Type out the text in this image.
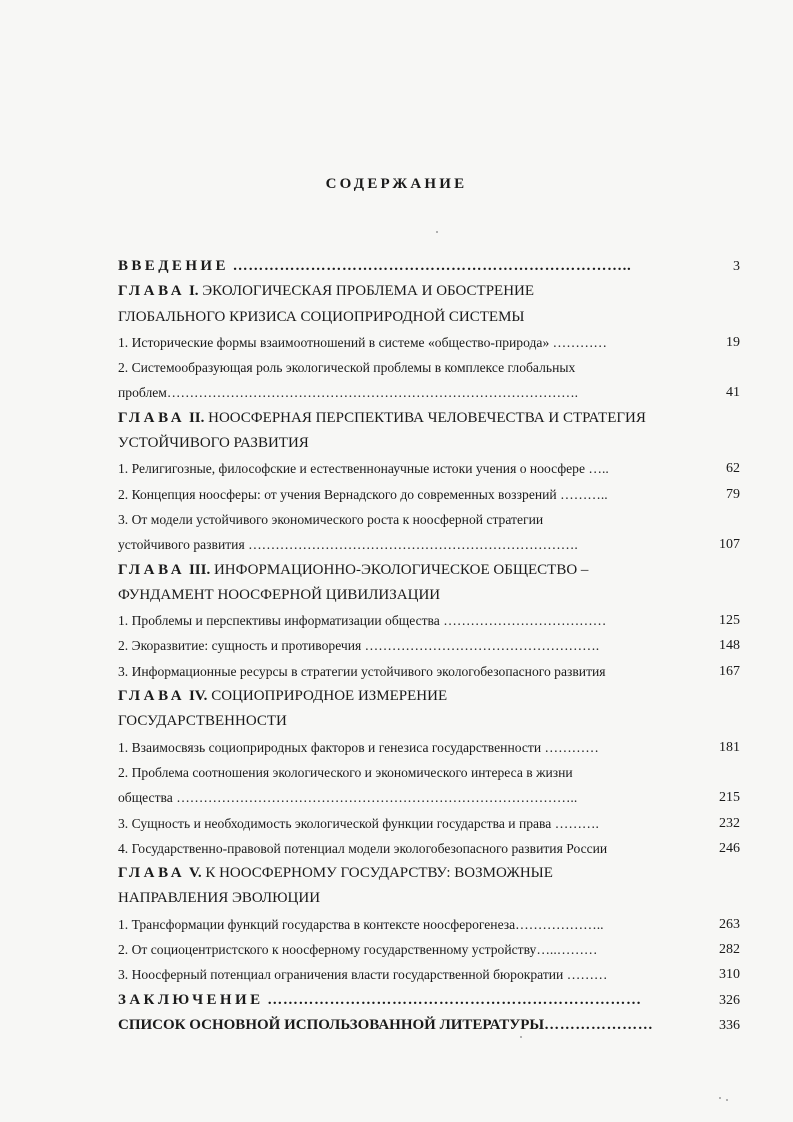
СОДЕРЖАНИЕ
ВВЕДЕНИЕ …………………………………………………………………..	3
ГЛАВА I. ЭКОЛОГИЧЕСКАЯ ПРОБЛЕМА И ОБОСТРЕНИЕ
ГЛОБАЛЬНОГО КРИЗИСА СОЦИОПРИРОДНОЙ СИСТЕМЫ
1. Исторические формы взаимоотношений в системе «общество-природа» …………	19
2. Системообразующая роль экологической проблемы в комплексе глобальных
проблем……………………………………………………………………………….	41
ГЛАВА II. НООСФЕРНАЯ ПЕРСПЕКТИВА ЧЕЛОВЕЧЕСТВА И СТРАТЕГИЯ
УСТОЙЧИВОГО РАЗВИТИЯ
1. Религигозные, философские и естественнонаучные истоки учения о ноосфере …..	62
2. Концепция ноосферы: от учения Вернадского до современных воззрений ………..	79
3. От модели устойчивого экономического роста к ноосферной стратегии
устойчивого развития ……………………………………………………………….	107
ГЛАВА III. ИНФОРМАЦИОННО-ЭКОЛОГИЧЕСКОЕ ОБЩЕСТВО –
ФУНДАМЕНТ НООСФЕРНОЙ ЦИВИЛИЗАЦИИ
1. Проблемы и перспективы информатизации общества ………………………………	125
2. Экоразвитие: сущность и противоречия …………………………………………….	148
3. Информационные ресурсы в стратегии устойчивого экологобезопасного развития	167
ГЛАВА IV. СОЦИОПРИРОДНОЕ ИЗМЕРЕНИЕ
ГОСУДАРСТВЕННОСТИ
1. Взаимосвязь социоприродных факторов и генезиса государственности …………	181
2. Проблема соотношения экологического и экономического интереса в жизни
общества ……………………………………………………………………………..	215
3. Сущность и необходимость экологической функции государства и права ……….	232
4. Государственно-правовой потенциал модели экологобезопасного развития России	246
ГЛАВА V. К НООСФЕРНОМУ ГОСУДАРСТВУ: ВОЗМОЖНЫЕ
НАПРАВЛЕНИЯ ЭВОЛЮЦИИ
1. Трансформации функций государства в контексте ноосферогенеза………………..	263
2. От социоцентристского к ноосферному государственному устройству…..………	282
3. Ноосферный потенциал ограничения власти государственной бюрократии ………	310
ЗАКЛЮЧЕНИЕ ………………………………………………………………	326
СПИСОК ОСНОВНОЙ ИСПОЛЬЗОВАННОЙ ЛИТЕРАТУРЫ…………………	336
